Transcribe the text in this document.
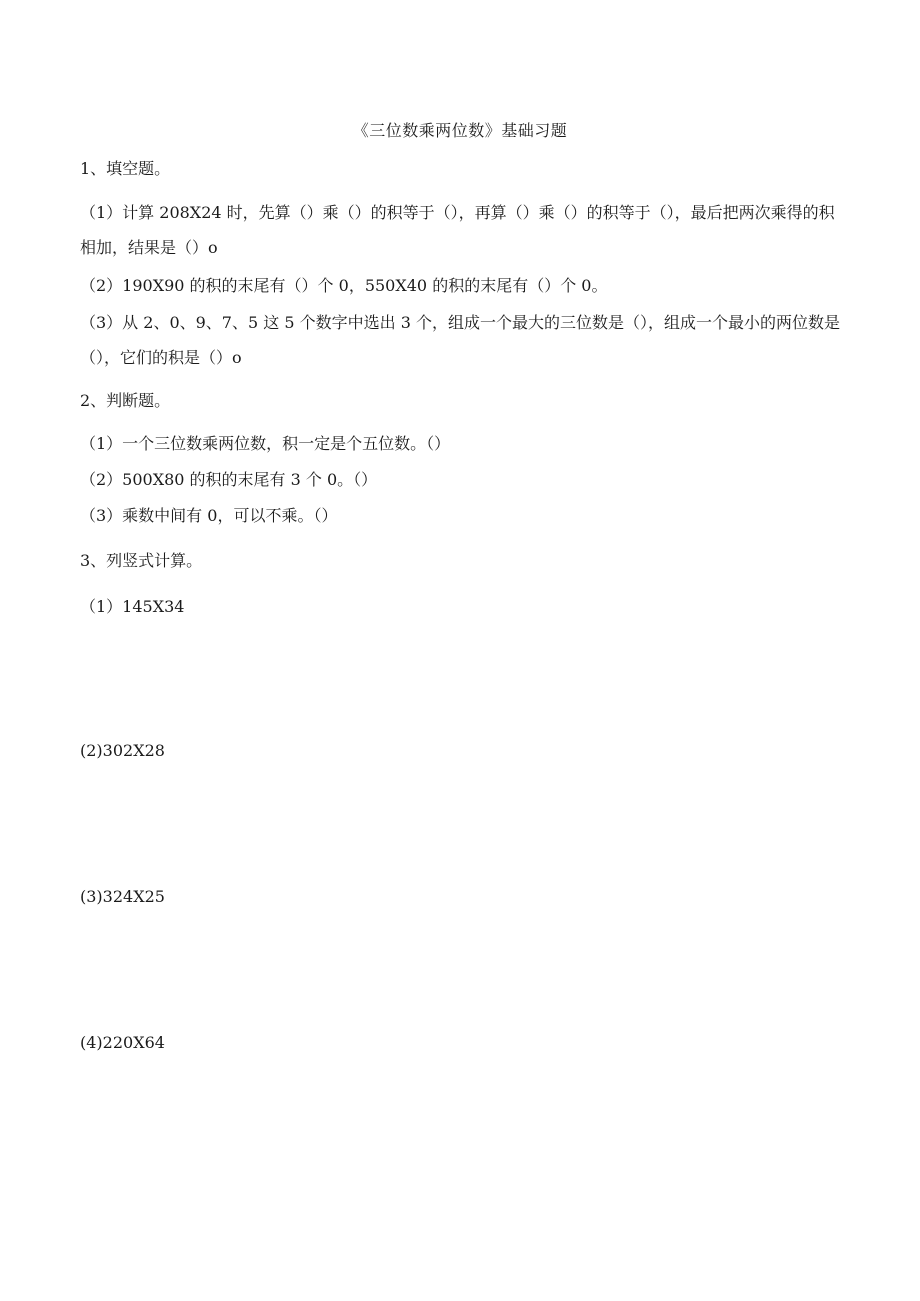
《三位数乘两位数》基础习题
1、填空题。
（1）计算 208X24 时，先算（）乘（）的积等于（），再算（）乘（）的积等于（），最后把两次乘得的积相加，结果是（）o
（2）190X90 的积的末尾有（）个 0，550X40 的积的末尾有（）个 0。
（3）从 2、0、9、7、5 这 5 个数字中选出 3 个，组成一个最大的三位数是（），组成一个最小的两位数是（），它们的积是（）o
2、判断题。
（1）一个三位数乘两位数，积一定是个五位数。（）
（2）500X80 的积的末尾有 3 个 0。（）
（3）乘数中间有 0，可以不乘。（）
3、列竖式计算。
（1）145X34
(2)302X28
(3)324X25
(4)220X64
